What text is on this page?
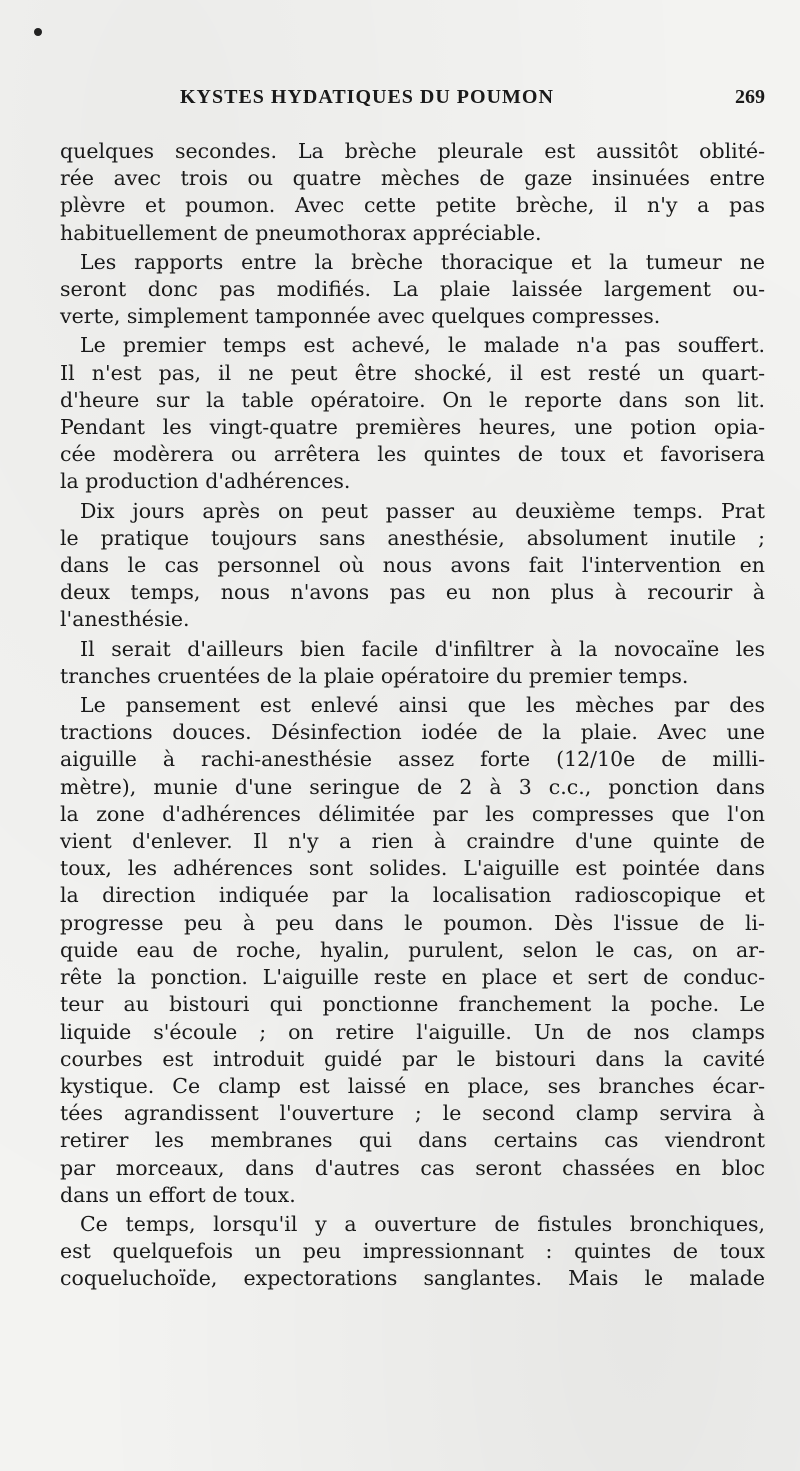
KYSTES HYDATIQUES DU POUMON	269
quelques secondes. La brèche pleurale est aussitôt oblité-
rée avec trois ou quatre mèches de gaze insinuées entre
plèvre et poumon. Avec cette petite brèche, il n'y a pas
habituellement de pneumothorax appréciable.
Les rapports entre la brèche thoracique et la tumeur ne
seront donc pas modifiés. La plaie laissée largement ou-
verte, simplement tamponnée avec quelques compresses.
Le premier temps est achevé, le malade n'a pas souffert.
Il n'est pas, il ne peut être shocké, il est resté un quart-
d'heure sur la table opératoire. On le reporte dans son lit.
Pendant les vingt-quatre premières heures, une potion opia-
cée modèrera ou arrêtera les quintes de toux et favorisera
la production d'adhérences.
Dix jours après on peut passer au deuxième temps. Prat
le pratique toujours sans anesthésie, absolument inutile ;
dans le cas personnel où nous avons fait l'intervention en
deux temps, nous n'avons pas eu non plus à recourir à
l'anesthésie.
Il serait d'ailleurs bien facile d'infiltrer à la novocaïne les
tranches cruentées de la plaie opératoire du premier temps.
Le pansement est enlevé ainsi que les mèches par des
tractions douces. Désinfection iodée de la plaie. Avec une
aiguille à rachi-anesthésie assez forte (12/10e de milli-
mètre), munie d'une seringue de 2 à 3 c.c., ponction dans
la zone d'adhérences délimitée par les compresses que l'on
vient d'enlever. Il n'y a rien à craindre d'une quinte de
toux, les adhérences sont solides. L'aiguille est pointée dans
la direction indiquée par la localisation radioscopique et
progresse peu à peu dans le poumon. Dès l'issue de li-
quide eau de roche, hyalin, purulent, selon le cas, on ar-
rête la ponction. L'aiguille reste en place et sert de conduc-
teur au bistouri qui ponctionne franchement la poche. Le
liquide s'écoule ; on retire l'aiguille. Un de nos clamps
courbes est introduit guidé par le bistouri dans la cavité
kystique. Ce clamp est laissé en place, ses branches écar-
tées agrandissent l'ouverture ; le second clamp servira à
retirer les membranes qui dans certains cas viendront
par morceaux, dans d'autres cas seront chassées en bloc
dans un effort de toux.
Ce temps, lorsqu'il y a ouverture de fistules bronchiques,
est quelquefois un peu impressionnant : quintes de toux
coqueluchoïde, expectorations sanglantes. Mais le malade
